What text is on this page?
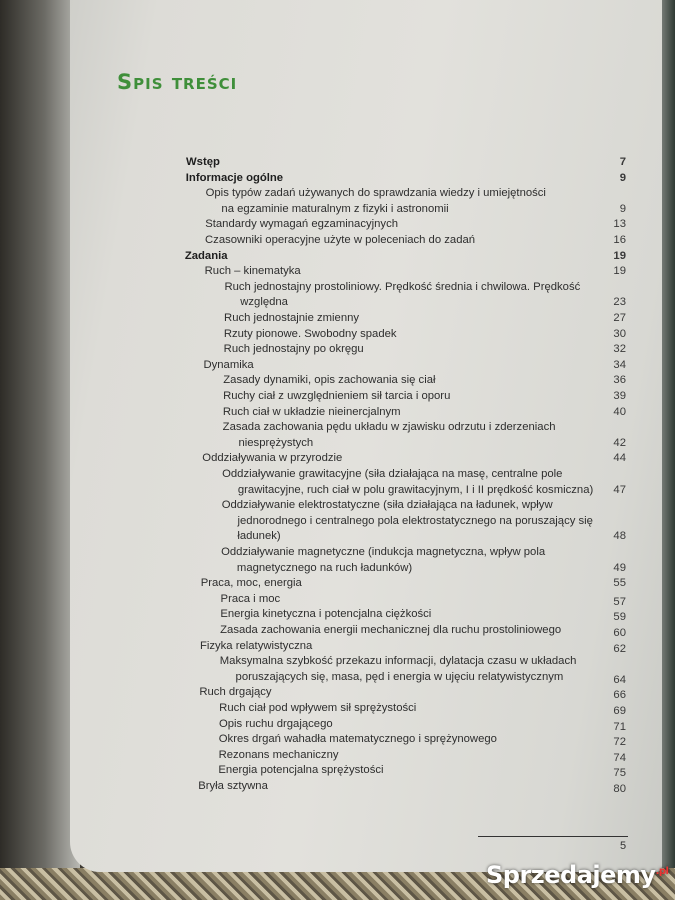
Spis treści
Wstęp	7
Informacje ogólne	9
Opis typów zadań używanych do sprawdzania wiedzy i umiejętności
na egzaminie maturalnym z fizyki i astronomii	9
Standardy wymagań egzaminacyjnych	13
Czasowniki operacyjne użyte w poleceniach do zadań	16
Zadania	19
Ruch – kinematyka	19
Ruch jednostajny prostoliniowy. Prędkość średnia i chwilowa. Prędkość
względna	23
Ruch jednostajnie zmienny	27
Rzuty pionowe. Swobodny spadek	30
Ruch jednostajny po okręgu	32
Dynamika	34
Zasady dynamiki, opis zachowania się ciał	36
Ruchy ciał z uwzględnieniem sił tarcia i oporu	39
Ruch ciał w układzie nieinercjalnym	40
Zasada zachowania pędu układu w zjawisku odrzutu i zderzeniach
niesprężystych	42
Oddziaływania w przyrodzie	44
Oddziaływanie grawitacyjne (siła działająca na masę, centralne pole
grawitacyjne, ruch ciał w polu grawitacyjnym, I i II prędkość kosmiczna) 47
Oddziaływanie elektrostatyczne (siła działająca na ładunek, wpływ
jednorodnego i centralnego pola elektrostatycznego na poruszający się
ładunek)	48
Oddziaływanie magnetyczne (indukcja magnetyczna, wpływ pola
magnetycznego na ruch ładunków)	49
Praca, moc, energia	55
Praca i moc	57
Energia kinetyczna i potencjalna ciężkości	59
Zasada zachowania energii mechanicznej dla ruchu prostoliniowego	60
Fizyka relatywistyczna	62
Maksymalna szybkość przekazu informacji, dylatacja czasu w układach
poruszających się, masa, pęd i energia w ujęciu relatywistycznym	64
Ruch drgający	66
Ruch ciał pod wpływem sił sprężystości	69
Opis ruchu drgającego	71
Okres drgań wahadła matematycznego i sprężynowego	72
Rezonans mechaniczny	74
Energia potencjalna sprężystości	75
Bryła sztywna	80
5
Sprzedajemy$^{.pl}$
